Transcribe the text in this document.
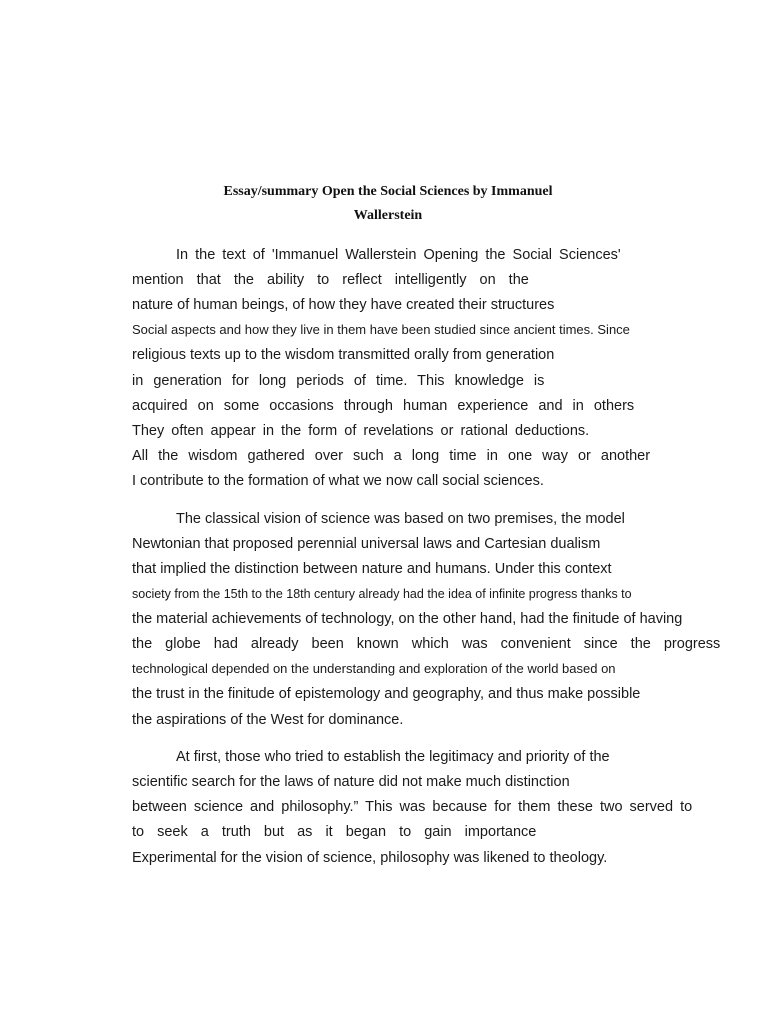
Essay/summary Open the Social Sciences by Immanuel
Wallerstein
In the text of 'Immanuel Wallerstein Opening the Social Sciences'
mention that the ability to reflect intelligently on the
nature of human beings, of how they have created their structures
Social aspects and how they live in them have been studied since ancient times. Since
religious texts up to the wisdom transmitted orally from generation
in generation for long periods of time. This knowledge is
acquired on some occasions through human experience and in others
They often appear in the form of revelations or rational deductions.
All the wisdom gathered over such a long time in one way or another
I contribute to the formation of what we now call social sciences.
The classical vision of science was based on two premises, the model
Newtonian that proposed perennial universal laws and Cartesian dualism
that implied the distinction between nature and humans. Under this context
society from the 15th to the 18th century already had the idea of infinite progress thanks to
the material achievements of technology, on the other hand, had the finitude of having
the globe had already been known which was convenient since the progress
technological depended on the understanding and exploration of the world based on
the trust in the finitude of epistemology and geography, and thus make possible
the aspirations of the West for dominance.
At first, those who tried to establish the legitimacy and priority of the
scientific search for the laws of nature did not make much distinction
between science and philosophy.” This was because for them these two served to
to seek a truth but as it began to gain importance
Experimental for the vision of science, philosophy was likened to theology.
